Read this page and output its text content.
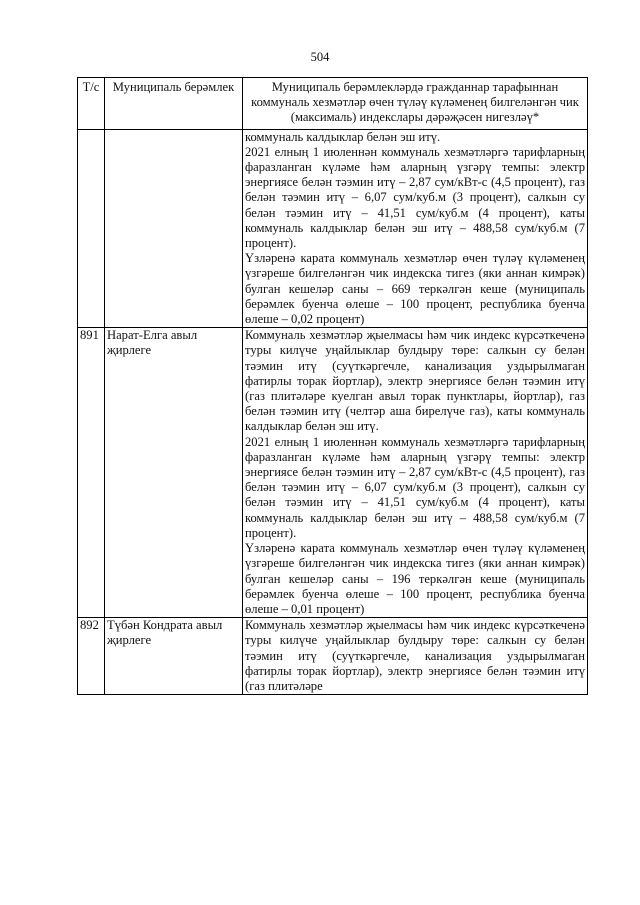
504
Т/с	Муниципаль берәмлек	Муниципаль берәмлекләрдә гражданнар тарафыннан коммуналь хезмәтләр өчен түләү күләменең билгеләнгән чик (максималь) индекслары дәрәҗәсен нигезләү*

		коммуналь калдыклар белән эш итү.

2021 елның 1 июленнән коммуналь хезмәтләргә тарифларның фаразланган күләме һәм аларның үзгәрү темпы: электр энергиясе белән тәэмин итү – 2,87 сум/кВт-с (4,5 процент), газ белән тәэмин итү – 6,07 сум/куб.м (3 процент), салкын су белән тәэмин итү – 41,51 сум/куб.м (4 процент), каты коммуналь калдыклар белән эш итү – 488,58 сум/куб.м (7 процент).

Үзләренә карата коммуналь хезмәтләр өчен түләү күләменең үзгәреше билгеләнгән чик индекска тигез (яки аннан кимрәк) булган кешеләр саны – 669 теркәлгән кеше (муниципаль берәмлек буенча өлеше – 100 процент, республика буенча өлеше – 0,02 процент)

891	Нарат-Елга авыл җирлеге	Коммуналь хезмәтләр җыелмасы һәм чик индекс күрсәткеченә туры килүче уңайлыклар булдыру төре: салкын су белән тәэмин итү (суүткәргечле, канализация уздырылмаган фатирлы торак йортлар), электр энергиясе белән тәэмин итү (газ плитәләре куелган авыл торак пунктлары, йортлар), газ белән тәэмин итү (челтәр аша бирелүче газ), каты коммуналь калдыклар белән эш итү.

2021 елның 1 июленнән коммуналь хезмәтләргә тарифларның фаразланган күләме һәм аларның үзгәрү темпы: электр энергиясе белән тәэмин итү – 2,87 сум/кВт-с (4,5 процент), газ белән тәэмин итү – 6,07 сум/куб.м (3 процент), салкын су белән тәэмин итү – 41,51 сум/куб.м (4 процент), каты коммуналь калдыклар белән эш итү – 488,58 сум/куб.м (7 процент).

Үзләренә карата коммуналь хезмәтләр өчен түләү күләменең үзгәреше билгеләнгән чик индекска тигез (яки аннан кимрәк) булган кешеләр саны – 196 теркәлгән кеше (муниципаль берәмлек буенча өлеше – 100 процент, республика буенча өлеше – 0,01 процент)

892	Түбән Кондрата авыл җирлеге	Коммуналь хезмәтләр җыелмасы һәм чик индекс күрсәткеченә туры килүче уңайлыклар булдыру төре: салкын су белән тәэмин итү (суүткәргечле, канализация уздырылмаган фатирлы торак йортлар), электр энергиясе белән тәэмин итү (газ плитәләре
